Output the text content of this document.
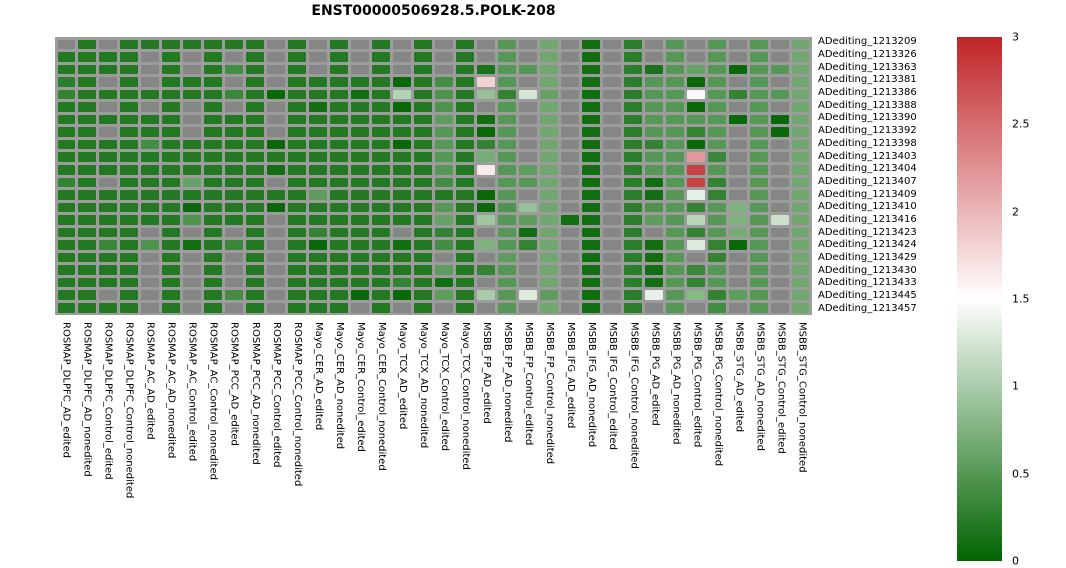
ENST00000506928.5.POLK-208
ADediting_1213209
ADediting_1213326
ADediting_1213363
ADediting_1213381
ADediting_1213386
ADediting_1213388
ADediting_1213390
ADediting_1213392
ADediting_1213398
ADediting_1213403
ADediting_1213404
ADediting_1213407
ADediting_1213409
ADediting_1213410
ADediting_1213416
ADediting_1213423
ADediting_1213424
ADediting_1213429
ADediting_1213430
ADediting_1213433
ADediting_1213445
ADediting_1213457
ROSMAP_DLPFC_AD_edited ROSMAP_DLPFC_AD_nonedited ROSMAP_DLPFC_Control_edited ROSMAP_DLPFC_Control_nonedited ROSMAP_AC_AD_edited ROSMAP_AC_AD_nonedited ROSMAP_AC_Control_edited ROSMAP_AC_Control_nonedited ROSMAP_PCC_AD_edited ROSMAP_PCC_AD_nonedited ROSMAP_PCC_Control_edited ROSMAP_PCC_Control_nonedited Mayo_CER_AD_edited Mayo_CER_AD_nonedited Mayo_CER_Control_edited Mayo_CER_Control_nonedited Mayo_TCX_AD_edited Mayo_TCX_AD_nonedited Mayo_TCX_Control_edited Mayo_TCX_Control_nonedited MSBB_FP_AD_edited MSBB_FP_AD_nonedited MSBB_FP_Control_edited MSBB_FP_Control_nonedited MSBB_IFG_AD_edited MSBB_IFG_AD_nonedited MSBB_IFG_Control_edited MSBB_IFG_Control_nonedited MSBB_PG_AD_edited MSBB_PG_AD_nonedited MSBB_PG_Control_edited MSBB_PG_Control_nonedited MSBB_STG_AD_edited MSBB_STG_AD_nonedited MSBB_STG_Control_edited MSBB_STG_Control_nonedited
3
2.5
2
1.5
1
0.5
0
